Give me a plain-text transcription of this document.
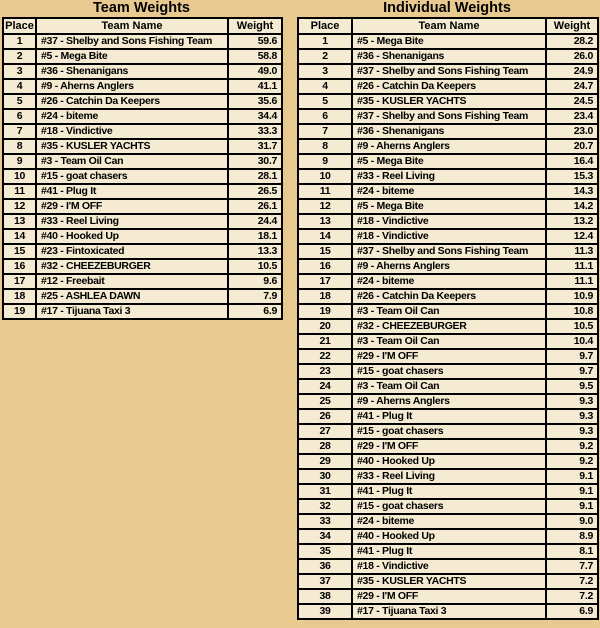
Team Weights
Place	Team Name	Weight
1	#37 - Shelby and Sons Fishing Team	59.6
2	#5 - Mega Bite	58.8
3	#36 - Shenanigans	49.0
4	#9 - Aherns Anglers	41.1
5	#26 - Catchin Da Keepers	35.6
6	#24 - biteme	34.4
7	#18 - Vindictive	33.3
8	#35 - KUSLER YACHTS	31.7
9	#3 - Team Oil Can	30.7
10	#15 - goat chasers	28.1
11	#41 - Plug It	26.5
12	#29 - I'M OFF	26.1
13	#33 - Reel Living	24.4
14	#40 - Hooked Up	18.1
15	#23 - Fintoxicated	13.3
16	#32 - CHEEZEBURGER	10.5
17	#12 - Freebait	9.6
18	#25 - ASHLEA DAWN	7.9
19	#17 - Tijuana Taxi 3	6.9
Individual Weights
Place	Team Name	Weight
1	#5 - Mega Bite	28.2
2	#36 - Shenanigans	26.0
3	#37 - Shelby and Sons Fishing Team	24.9
4	#26 - Catchin Da Keepers	24.7
5	#35 - KUSLER YACHTS	24.5
6	#37 - Shelby and Sons Fishing Team	23.4
7	#36 - Shenanigans	23.0
8	#9 - Aherns Anglers	20.7
9	#5 - Mega Bite	16.4
10	#33 - Reel Living	15.3
11	#24 - biteme	14.3
12	#5 - Mega Bite	14.2
13	#18 - Vindictive	13.2
14	#18 - Vindictive	12.4
15	#37 - Shelby and Sons Fishing Team	11.3
16	#9 - Aherns Anglers	11.1
17	#24 - biteme	11.1
18	#26 - Catchin Da Keepers	10.9
19	#3 - Team Oil Can	10.8
20	#32 - CHEEZEBURGER	10.5
21	#3 - Team Oil Can	10.4
22	#29 - I'M OFF	9.7
23	#15 - goat chasers	9.7
24	#3 - Team Oil Can	9.5
25	#9 - Aherns Anglers	9.3
26	#41 - Plug It	9.3
27	#15 - goat chasers	9.3
28	#29 - I'M OFF	9.2
29	#40 - Hooked Up	9.2
30	#33 - Reel Living	9.1
31	#41 - Plug It	9.1
32	#15 - goat chasers	9.1
33	#24 - biteme	9.0
34	#40 - Hooked Up	8.9
35	#41 - Plug It	8.1
36	#18 - Vindictive	7.7
37	#35 - KUSLER YACHTS	7.2
38	#29 - I'M OFF	7.2
39	#17 - Tijuana Taxi 3	6.9
